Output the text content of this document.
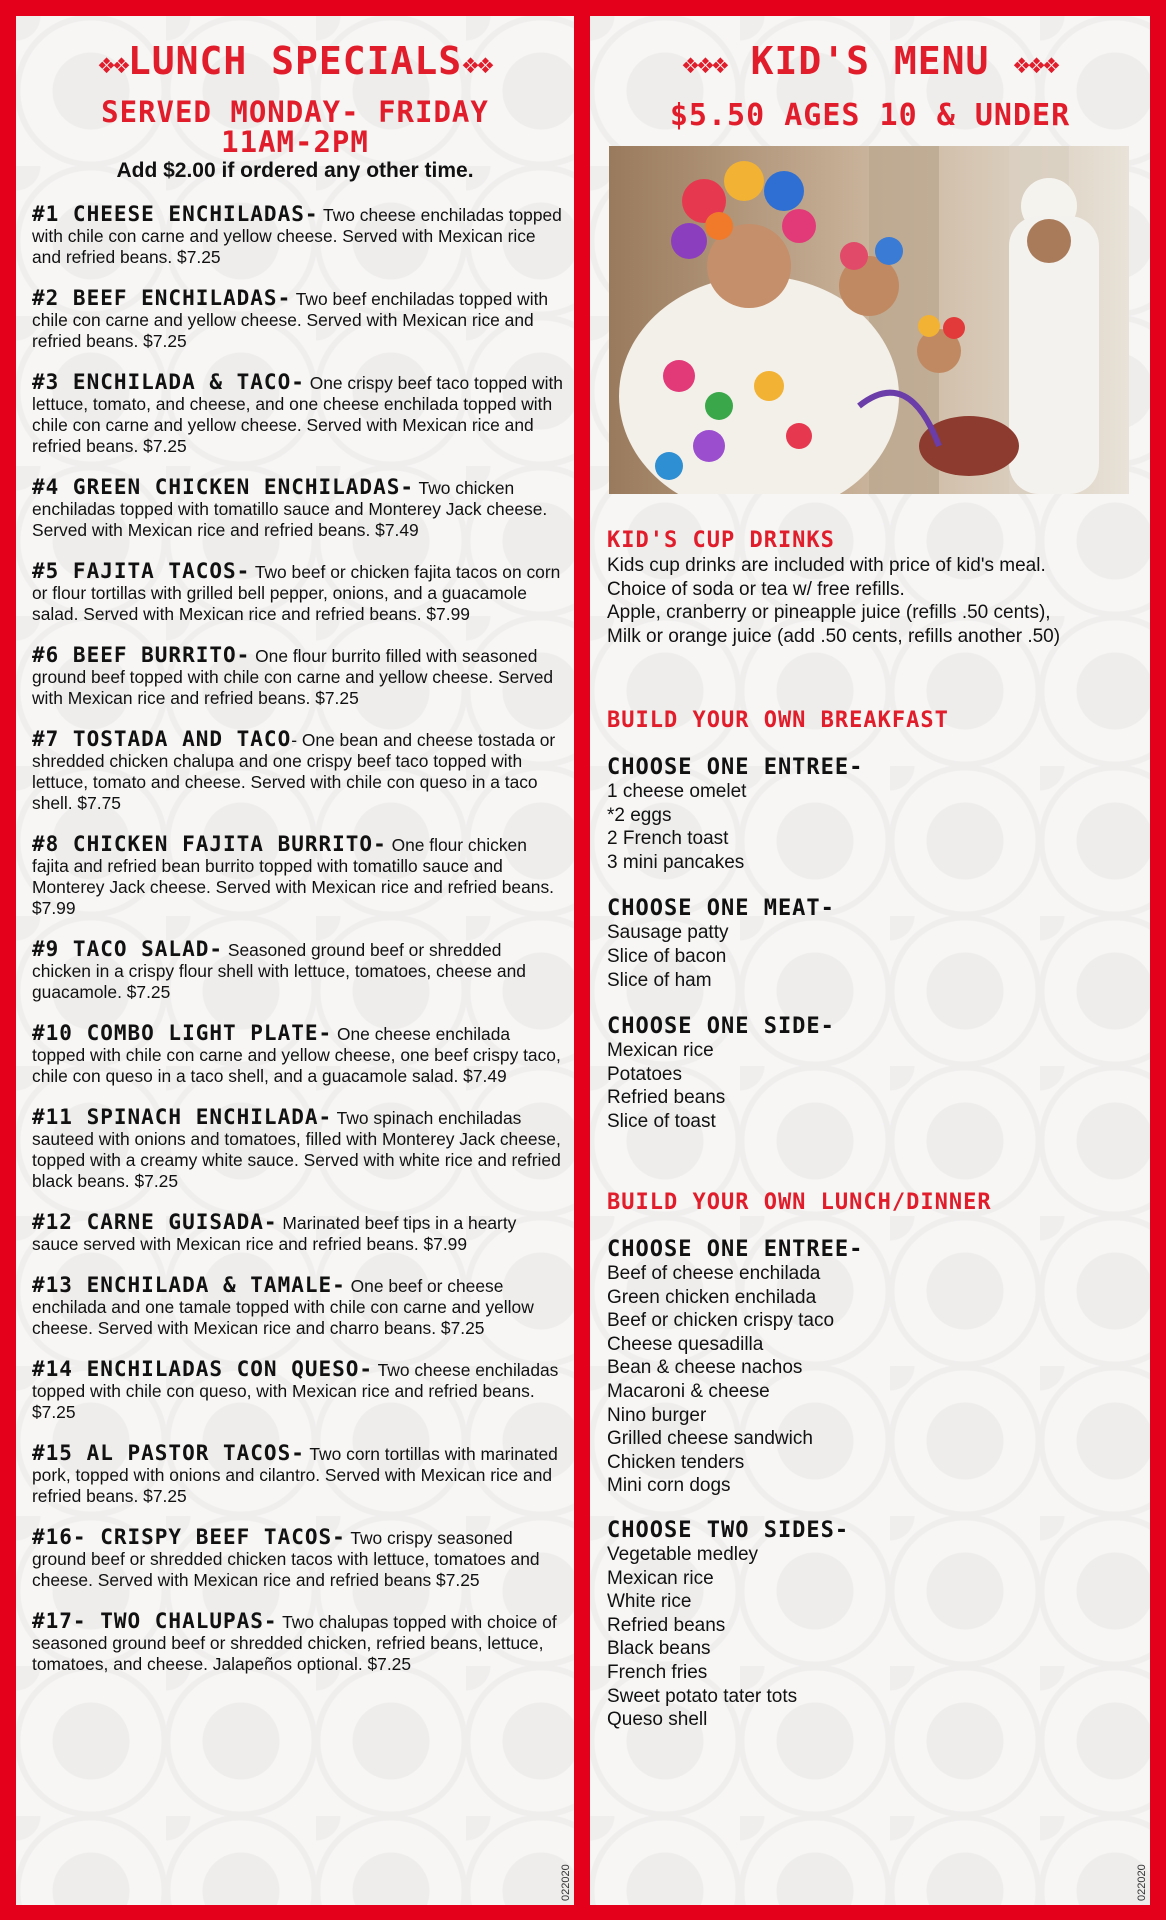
❖❖LUNCH SPECIALS❖❖
SERVED MONDAY- FRIDAY
11AM-2PM
Add $2.00 if ordered any other time.
#1 CHEESE ENCHILADAS- Two cheese enchiladas topped with chile con carne and yellow cheese. Served with Mexican rice and refried beans. $7.25
#2 BEEF ENCHILADAS- Two beef enchiladas topped with chile con carne and yellow cheese. Served with Mexican rice and refried beans. $7.25
#3 ENCHILADA & TACO- One crispy beef taco topped with lettuce, tomato, and cheese, and one cheese enchilada topped with chile con carne and yellow cheese. Served with Mexican rice and refried beans. $7.25
#4 GREEN CHICKEN ENCHILADAS- Two chicken enchiladas topped with tomatillo sauce and Monterey Jack cheese. Served with Mexican rice and refried beans. $7.49
#5 FAJITA TACOS- Two beef or chicken fajita tacos on corn or flour tortillas with grilled bell pepper, onions, and a guacamole salad. Served with Mexican rice and refried beans. $7.99
#6 BEEF BURRITO- One flour burrito filled with seasoned ground beef topped with chile con carne and yellow cheese. Served with Mexican rice and refried beans. $7.25
#7 TOSTADA AND TACO- One bean and cheese tostada or shredded chicken chalupa and one crispy beef taco topped with lettuce, tomato and cheese. Served with chile con queso in a taco shell. $7.75
#8 CHICKEN FAJITA BURRITO- One flour chicken fajita and refried bean burrito topped with tomatillo sauce and Monterey Jack cheese. Served with Mexican rice and refried beans. $7.99
#9 TACO SALAD- Seasoned ground beef or shredded chicken in a crispy flour shell with lettuce, tomatoes, cheese and guacamole. $7.25
#10 COMBO LIGHT PLATE- One cheese enchilada topped with chile con carne and yellow cheese, one beef crispy taco, chile con queso in a taco shell, and a guacamole salad. $7.49
#11 SPINACH ENCHILADA- Two spinach enchiladas sauteed with onions and tomatoes, filled with Monterey Jack cheese, topped with a creamy white sauce. Served with white rice and refried black beans. $7.25
#12 CARNE GUISADA- Marinated beef tips in a hearty sauce served with Mexican rice and refried beans. $7.99
#13 ENCHILADA & TAMALE- One beef or cheese enchilada and one tamale topped with chile con carne and yellow cheese. Served with Mexican rice and charro beans. $7.25
#14 ENCHILADAS CON QUESO- Two cheese enchiladas topped with chile con queso, with Mexican rice and refried beans. $7.25
#15 AL PASTOR TACOS- Two corn tortillas with marinated pork, topped with onions and cilantro. Served with Mexican rice and refried beans. $7.25
#16- CRISPY BEEF TACOS- Two crispy seasoned ground beef or shredded chicken tacos with lettuce, tomatoes and cheese. Served with Mexican rice and refried beans $7.25
#17- TWO CHALUPAS- Two chalupas topped with choice of seasoned ground beef or shredded chicken, refried beans, lettuce, tomatoes, and cheese. Jalapeños optional. $7.25
022020
❖❖❖ KID'S MENU ❖❖❖
$5.50 AGES 10 & UNDER
KID'S CUP DRINKS
Kids cup drinks are included with price of kid's meal.
Choice of soda or tea w/ free refills.
Apple, cranberry or pineapple juice (refills .50 cents),
Milk or orange juice (add .50 cents, refills another .50)
BUILD YOUR OWN BREAKFAST
CHOOSE ONE ENTREE-
1 cheese omelet
*2 eggs
2 French toast
3 mini pancakes
CHOOSE ONE MEAT-
Sausage patty
Slice of bacon
Slice of ham
CHOOSE ONE SIDE-
Mexican rice
Potatoes
Refried beans
Slice of toast
BUILD YOUR OWN LUNCH/DINNER
CHOOSE ONE ENTREE-
Beef of cheese enchilada
Green chicken enchilada
Beef or chicken crispy taco
Cheese quesadilla
Bean & cheese nachos
Macaroni & cheese
Nino burger
Grilled cheese sandwich
Chicken tenders
Mini corn dogs
CHOOSE TWO SIDES-
Vegetable medley
Mexican rice
White rice
Refried beans
Black beans
French fries
Sweet potato tater tots
Queso shell
022020
